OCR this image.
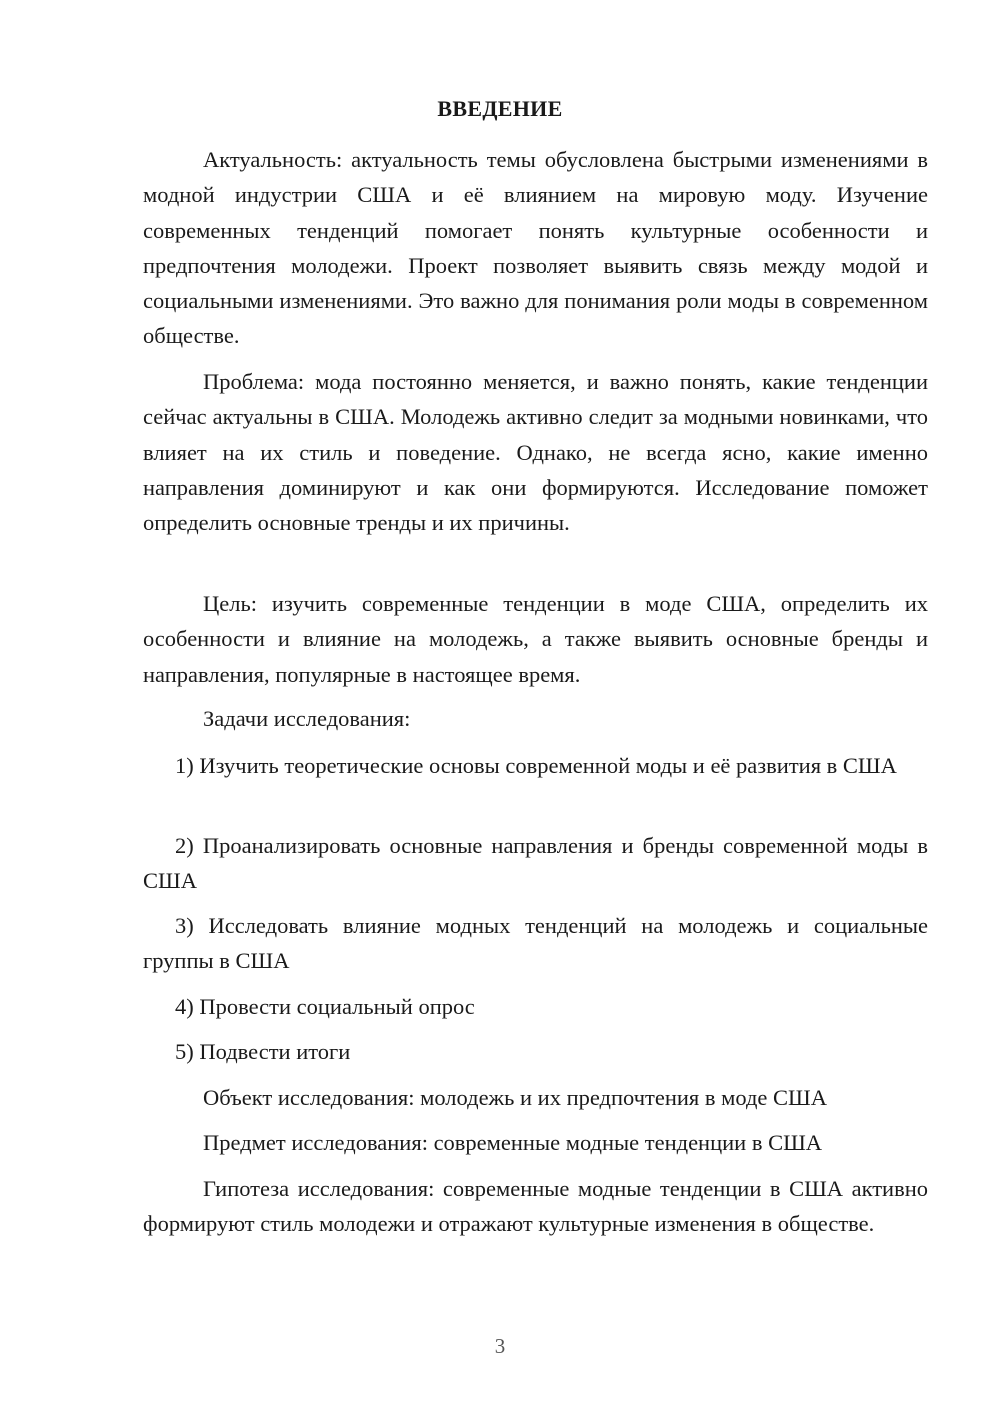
ВВЕДЕНИЕ

Актуальность: актуальность темы обусловлена быстрыми изменениями в модной индустрии США и её влиянием на мировую моду. Изучение современных тенденций помогает понять культурные особенности и предпочтения молодежи. Проект позволяет выявить связь между модой и социальными изменениями. Это важно для понимания роли моды в современном обществе.

Проблема: мода постоянно меняется, и важно понять, какие тенденции сейчас актуальны в США. Молодежь активно следит за модными новинками, что влияет на их стиль и поведение. Однако, не всегда ясно, какие именно направления доминируют и как они формируются. Исследование поможет определить основные тренды и их причины.

Цель: изучить современные тенденции в моде США, определить их особенности и влияние на молодежь, а также выявить основные бренды и направления, популярные в настоящее время.

Задачи исследования:

1) Изучить теоретические основы современной моды и её развития в США

2) Проанализировать основные направления и бренды современной моды в США

3) Исследовать влияние модных тенденций на молодежь и социальные группы в США

4) Провести социальный опрос

5) Подвести итоги

Объект исследования: молодежь и их предпочтения в моде США

Предмет исследования: современные модные тенденции в США

Гипотеза исследования: современные модные тенденции в США активно формируют стиль молодежи и отражают культурные изменения в обществе.

3
